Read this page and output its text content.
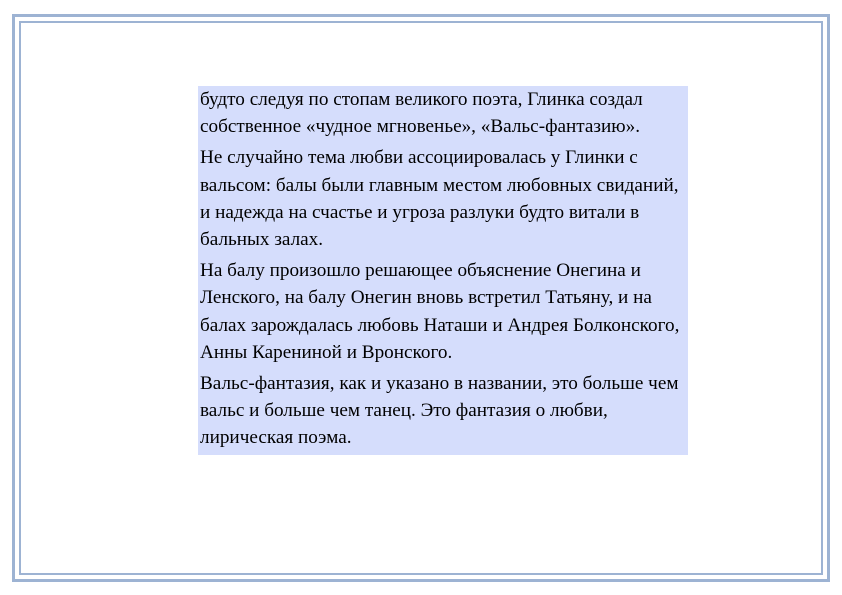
будто следуя по стопам великого поэта, Глинка создал собственное «чудное мгновенье», «Вальс-фантазию».

Не случайно тема любви ассоциировалась у Глинки с вальсом: балы были главным местом любовных свиданий, и надежда на счастье и угроза разлуки будто витали в бальных залах.

На балу произошло решающее объяснение Онегина и Ленского, на балу Онегин вновь встретил Татьяну, и на балах зарождалась любовь Наташи и Андрея Болконского, Анны Карениной и Вронского.

Вальс-фантазия, как и указано в названии, это больше чем вальс и больше чем танец. Это фантазия о любви, лирическая поэма.
